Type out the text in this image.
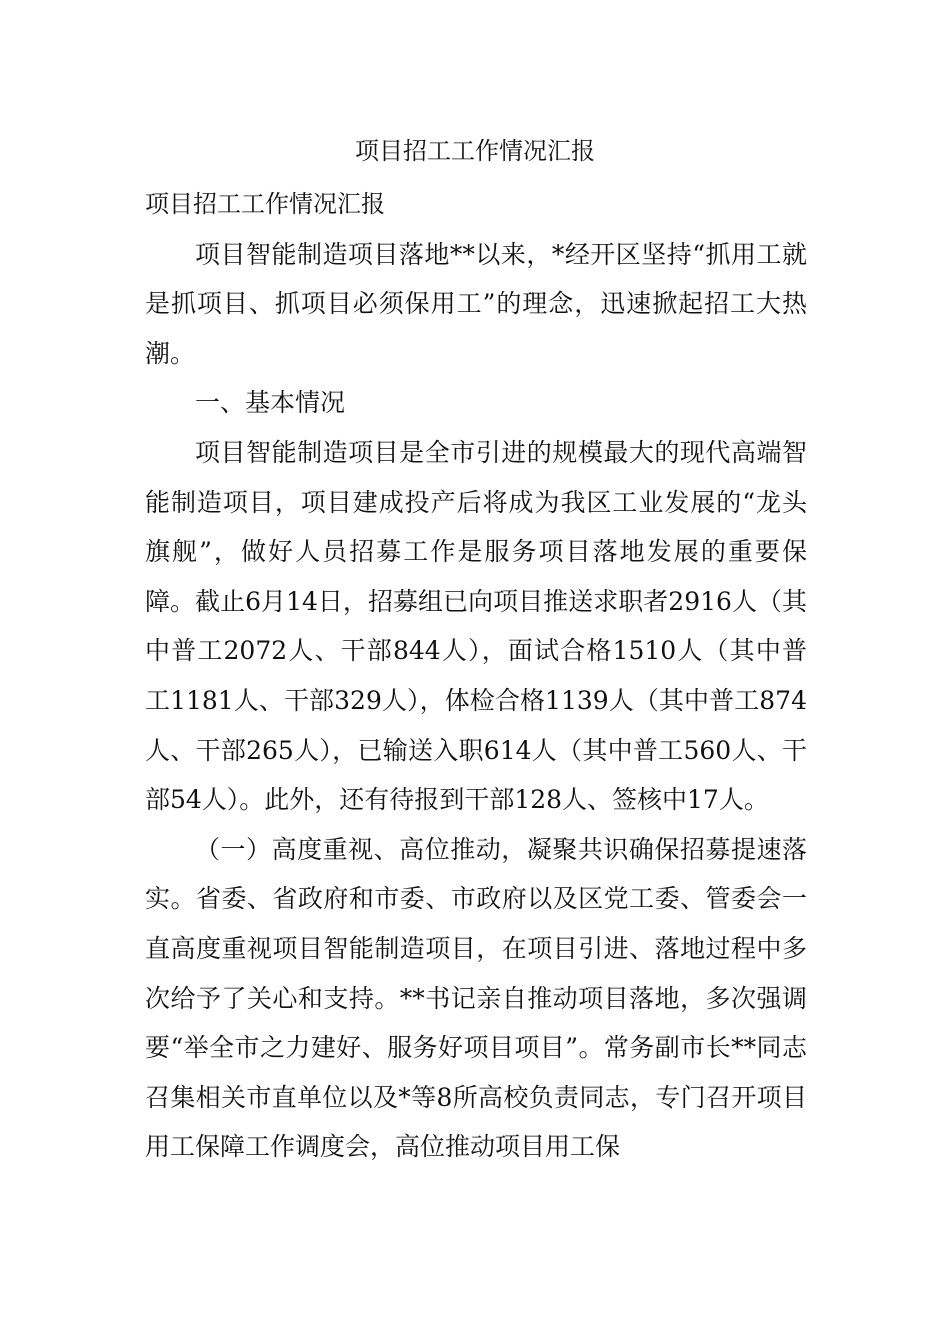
项目招工工作情况汇报

项目招工工作情况汇报

项目智能制造项目落地**以来，*经开区坚持“抓用工就是抓项目、抓项目必须保用工”的理念，迅速掀起招工大热潮。

一、基本情况

项目智能制造项目是全市引进的规模最大的现代高端智能制造项目，项目建成投产后将成为我区工业发展的“龙头旗舰”，做好人员招募工作是服务项目落地发展的重要保障。截止6月14日，招募组已向项目推送求职者2916人（其中普工2072人、干部844人），面试合格1510人（其中普工1181人、干部329人），体检合格1139人（其中普工874人、干部265人），已输送入职614人（其中普工560人、干部54人）。此外，还有待报到干部128人、签核中17人。

（一）高度重视、高位推动，凝聚共识确保招募提速落实。省委、省政府和市委、市政府以及区党工委、管委会一直高度重视项目智能制造项目，在项目引进、落地过程中多次给予了关心和支持。**书记亲自推动项目落地，多次强调要“举全市之力建好、服务好项目项目”。常务副市长**同志召集相关市直单位以及*等8所高校负责同志，专门召开项目用工保障工作调度会，高位推动项目用工保
